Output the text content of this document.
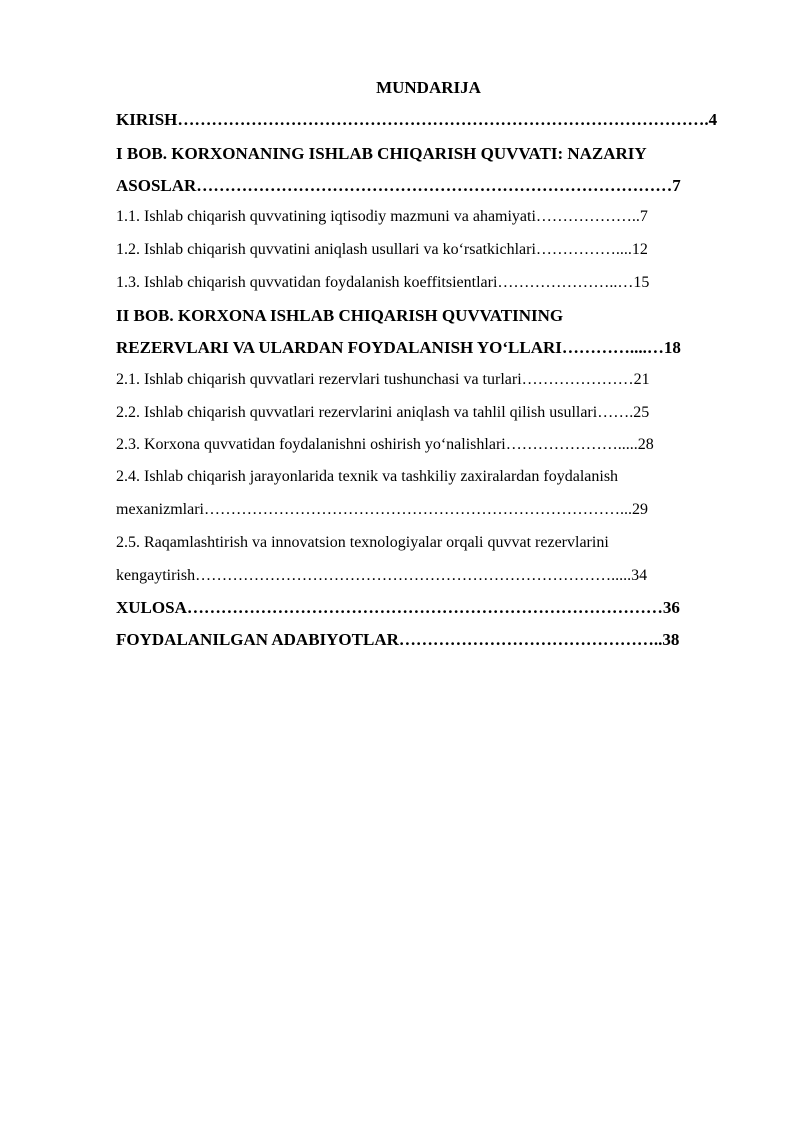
MUNDARIJA
KIRISH………………………………………………………………………………….4
I BOB. KORXONANING ISHLAB CHIQARISH QUVVATI: NAZARIY
ASOSLAR…………………………………………………………………………7
1.1. Ishlab chiqarish quvvatining iqtisodiy mazmuni va ahamiyati………………..7
1.2. Ishlab chiqarish quvvatini aniqlash usullari va ko‘rsatkichlari……………....12
1.3. Ishlab chiqarish quvvatidan foydalanish koeffitsientlari…………………..…15
II BOB. KORXONA ISHLAB CHIQARISH QUVVATINING
REZERVLARI VA ULARDAN FOYDALANISH YO‘LLARI…………....…18
2.1. Ishlab chiqarish quvvatlari rezervlari tushunchasi va turlari…………………21
2.2. Ishlab chiqarish quvvatlari rezervlarini aniqlash va tahlil qilish usullari…….25
2.3. Korxona quvvatidan foydalanishni oshirish yo‘nalishlari………………….....28
2.4. Ishlab chiqarish jarayonlarida texnik va tashkiliy zaxiralardan foydalanish
mexanizmlari……………………………………………………………………...29
2.5. Raqamlashtirish va innovatsion texnologiyalar orqali quvvat rezervlarini
kengaytirish…………………………………………………………………….....34
XULOSA…………………………………………………………………………36
FOYDALANILGAN ADABIYOTLAR………………………………………..38
